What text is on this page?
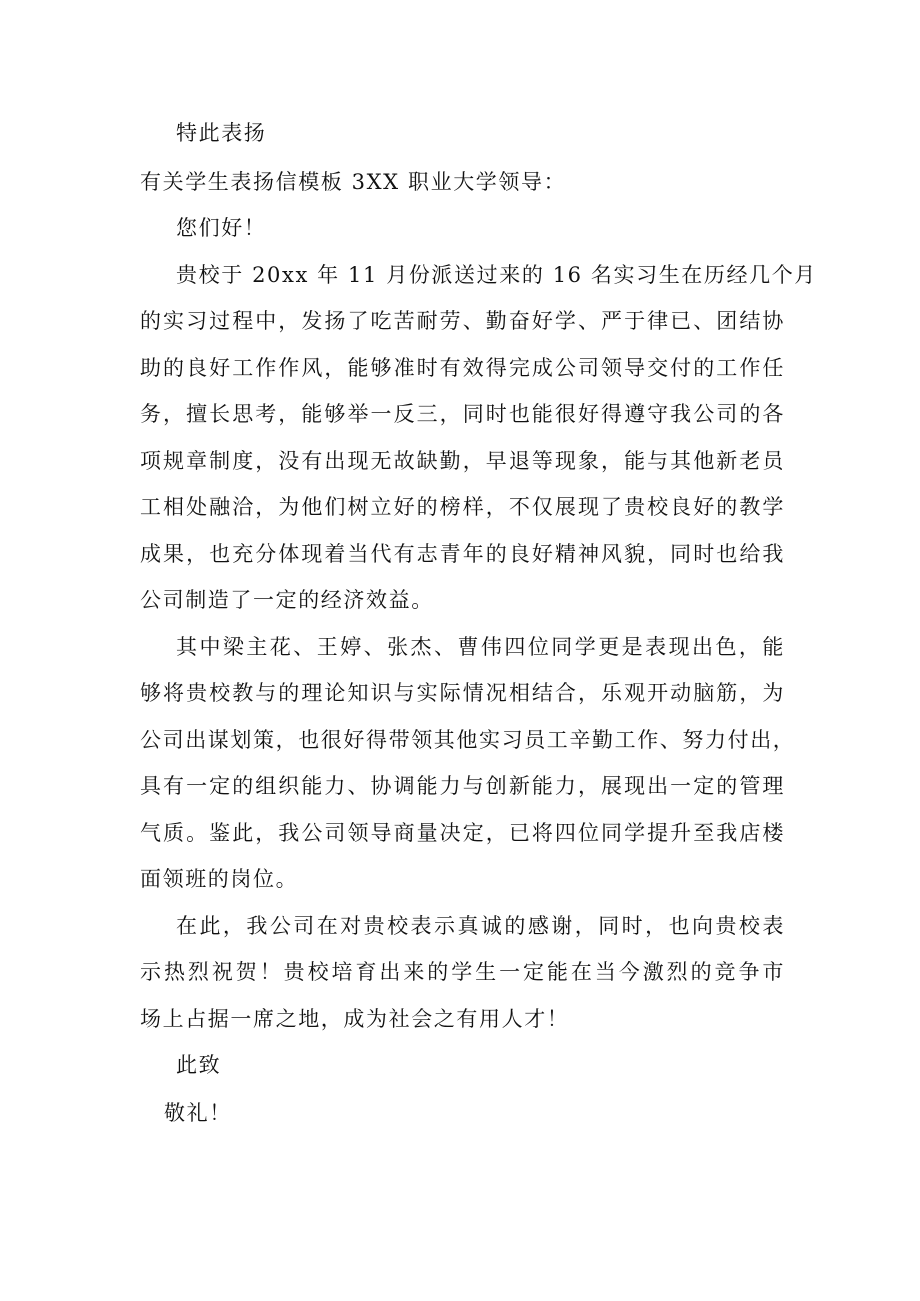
特此表扬
有关学生表扬信模板 3XX 职业大学领导：
您们好！
贵校于 20xx 年 11 月份派送过来的 16 名实习生在历经几个月
的实习过程中，发扬了吃苦耐劳、勤奋好学、严于律已、团结协
助的良好工作作风，能够准时有效得完成公司领导交付的工作任
务，擅长思考，能够举一反三，同时也能很好得遵守我公司的各
项规章制度，没有出现无故缺勤，早退等现象，能与其他新老员
工相处融洽，为他们树立好的榜样，不仅展现了贵校良好的教学
成果，也充分体现着当代有志青年的良好精神风貌，同时也给我
公司制造了一定的经济效益。
其中梁主花、王婷、张杰、曹伟四位同学更是表现出色，能
够将贵校教与的理论知识与实际情况相结合，乐观开动脑筋，为
公司出谋划策，也很好得带领其他实习员工辛勤工作、努力付出，
具有一定的组织能力、协调能力与创新能力，展现出一定的管理
气质。鉴此，我公司领导商量决定，已将四位同学提升至我店楼
面领班的岗位。
在此，我公司在对贵校表示真诚的感谢，同时，也向贵校表
示热烈祝贺！贵校培育出来的学生一定能在当今激烈的竞争市
场上占据一席之地，成为社会之有用人才！
此致
敬礼！
